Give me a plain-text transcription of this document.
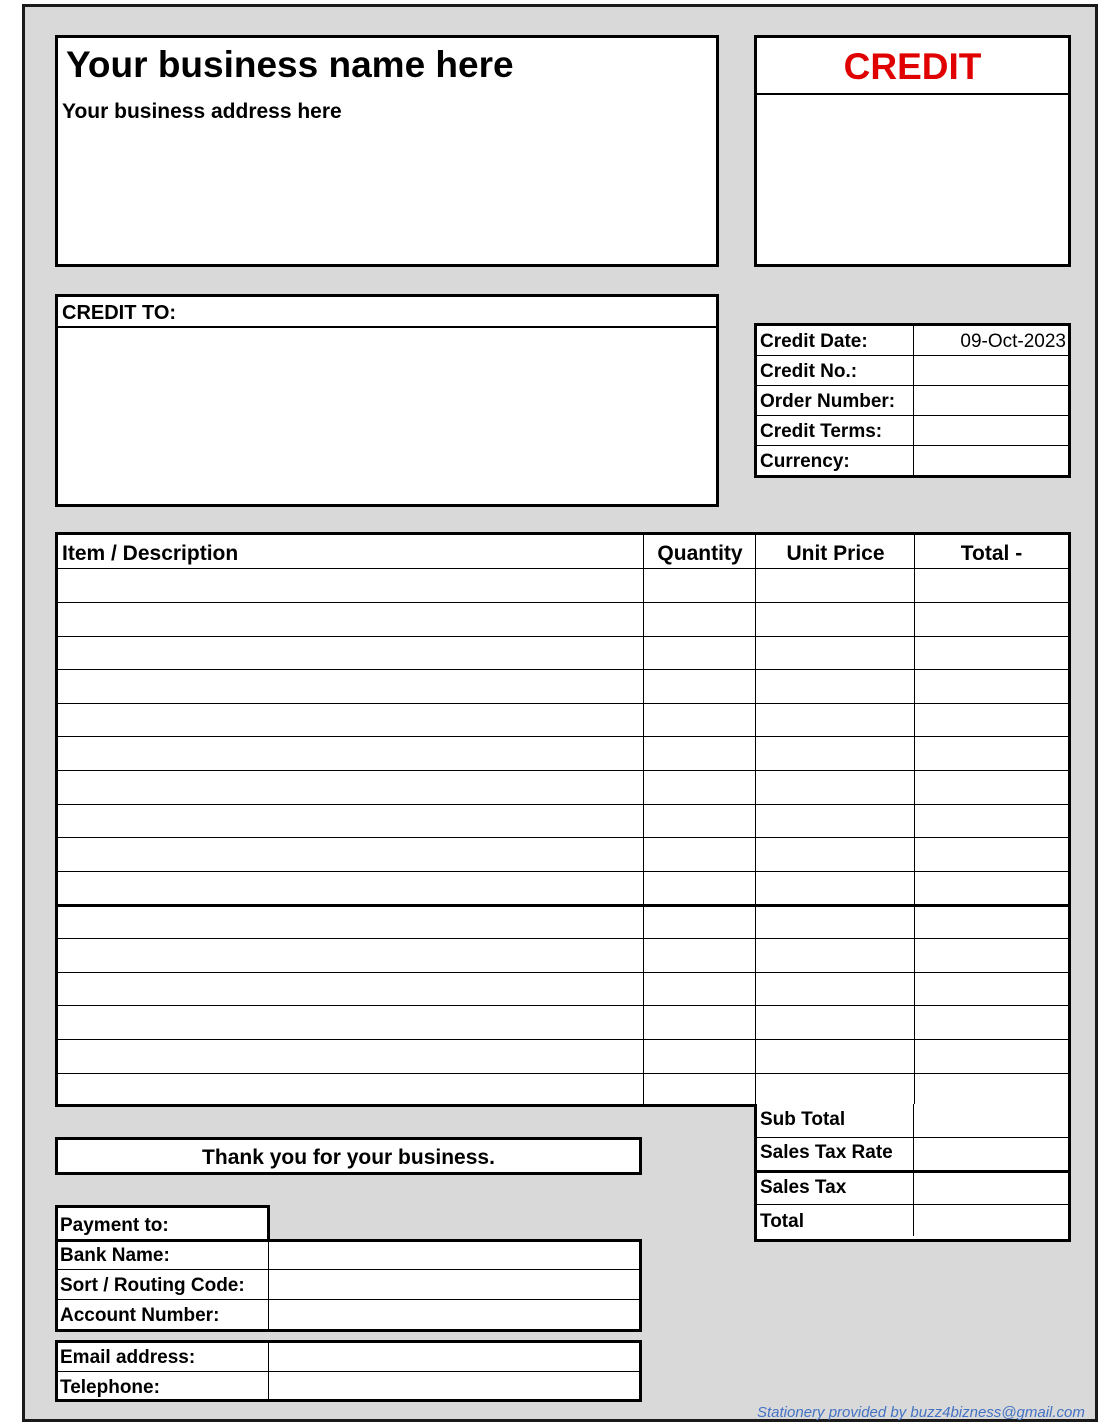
Your business name here
Your business address here
CREDIT
CREDIT TO:
Credit Date:	09-Oct-2023
Credit No.:
Order Number:
Credit Terms:
Currency:
Item / Description	Quantity	Unit Price	Total -
Sub Total
Sales Tax Rate
Sales Tax
Total
Thank you for your business.
Payment to:
Bank Name:
Sort / Routing Code:
Account Number:
Email address:
Telephone:
Stationery provided by buzz4bizness@gmail.com
